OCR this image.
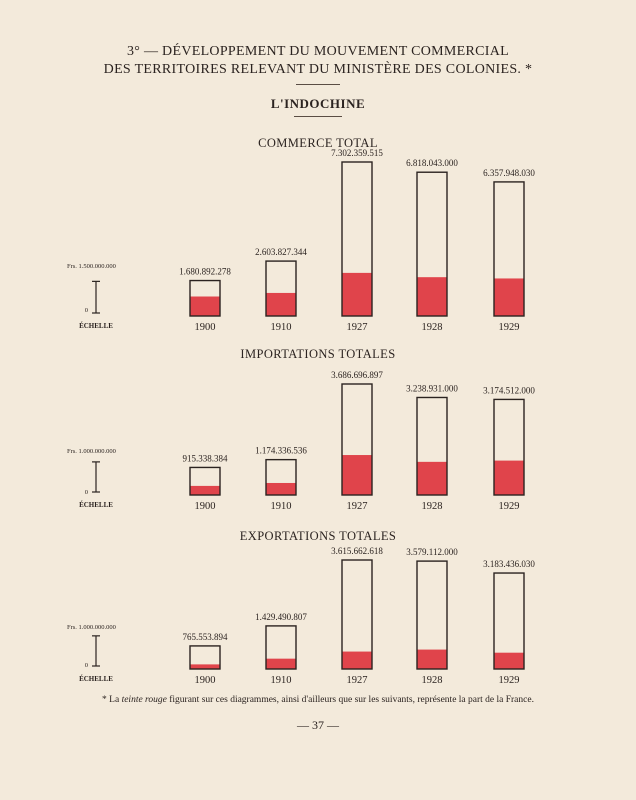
3° — DÉVELOPPEMENT DU MOUVEMENT COMMERCIAL
DES TERRITOIRES RELEVANT DU MINISTÈRE DES COLONIES. *
L'INDOCHINE
COMMERCE TOTAL
Frs. 1.500.000.000
0
ÉCHELLE
1.680.892.278
1900
2.603.827.344
1910
7.302.359.515
1927
6.818.043.000
1928
6.357.948.030
1929
IMPORTATIONS TOTALES
Frs. 1.000.000.000
0
ÉCHELLE
915.338.384
1900
1.174.336.536
1910
3.686.696.897
1927
3.238.931.000
1928
3.174.512.000
1929
EXPORTATIONS TOTALES
Frs. 1.000.000.000
0
ÉCHELLE
765.553.894
1900
1.429.490.807
1910
3.615.662.618
1927
3.579.112.000
1928
3.183.436.030
1929
* La teinte rouge figurant sur ces diagrammes, ainsi d'ailleurs que sur les suivants, représente la part de la France.
— 37 —
